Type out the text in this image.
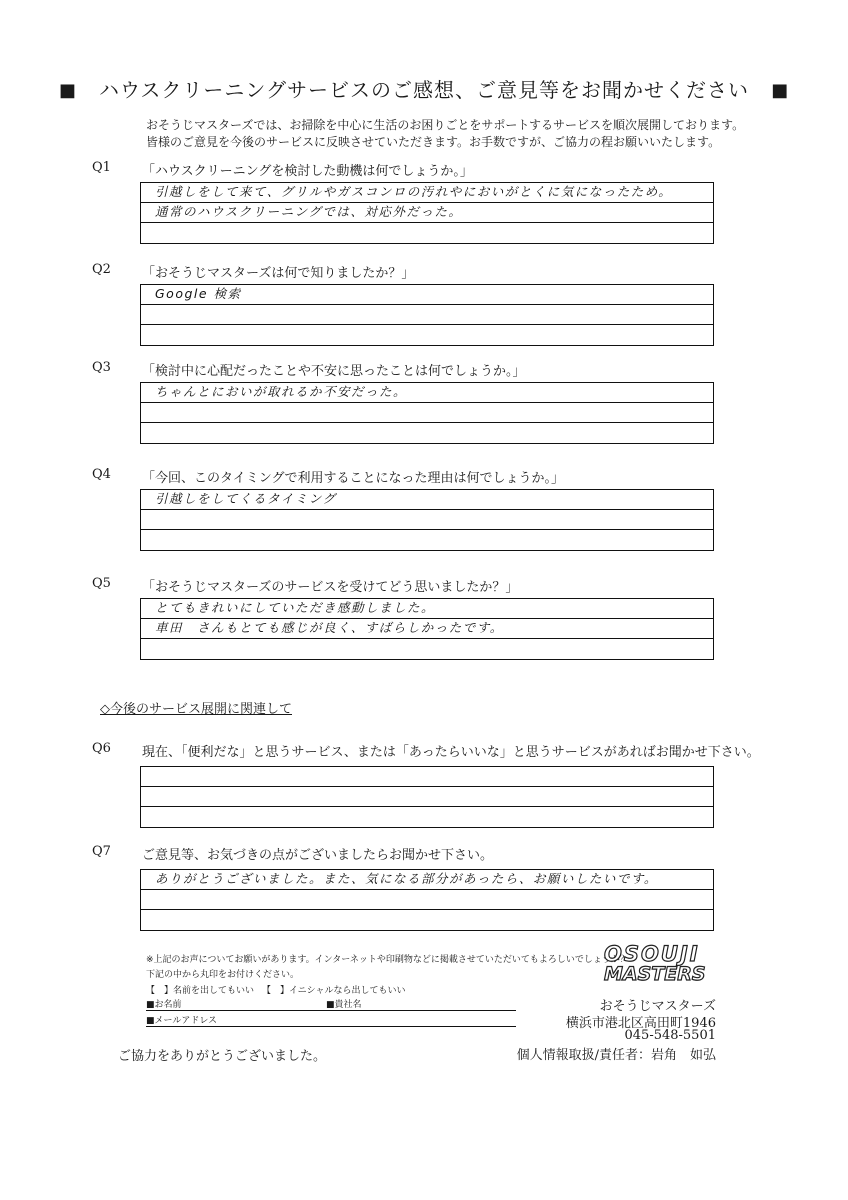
■ ハウスクリーニングサービスのご感想、ご意見等をお聞かせください ■
おそうじマスターズでは、お掃除を中心に生活のお困りごとをサポートするサービスを順次展開しております。
皆様のご意見を今後のサービスに反映させていただきます。お手数ですが、ご協力の程お願いいたします。
Q1 「ハウスクリーニングを検討した動機は何でしょうか。」
引越しをして来て、グリルやガスコンロの汚れやにおいがとくに気になったため。
通常のハウスクリーニングでは、対応外だった。
Q2 「おそうじマスターズは何で知りましたか？」
Google 検索
Q3 「検討中に心配だったことや不安に思ったことは何でしょうか。」
ちゃんとにおいが取れるか不安だった。
Q4 「今回、このタイミングで利用することになった理由は何でしょうか。」
引越しをしてくるタイミング
Q5 「おそうじマスターズのサービスを受けてどう思いましたか？」
とてもきれいにしていただき感動しました。
車田　さんもとても感じが良く、すばらしかったです。
◇今後のサービス展開に関連して
Q6 現在、「便利だな」と思うサービス、または「あったらいいな」と思うサービスがあればお聞かせ下さい。
Q7 ご意見等、お気づきの点がございましたらお聞かせ下さい。
ありがとうございました。また、気になる部分があったら、お願いしたいです。
※上記のお声についてお願いがあります。インターネットや印刷物などに掲載させていただいてもよろしいでしょうか？
下記の中から丸印をお付けください。
【　】名前を出してもいい 【　】イニシャルなら出してもいい
■お名前	■貴社名
■メールアドレス
ご協力をありがとうございました。
OSOUJI
MASTERS
おそうじマスターズ
横浜市港北区高田町1946
045-548-5501
個人情報取扱/責任者：岩角　如弘
